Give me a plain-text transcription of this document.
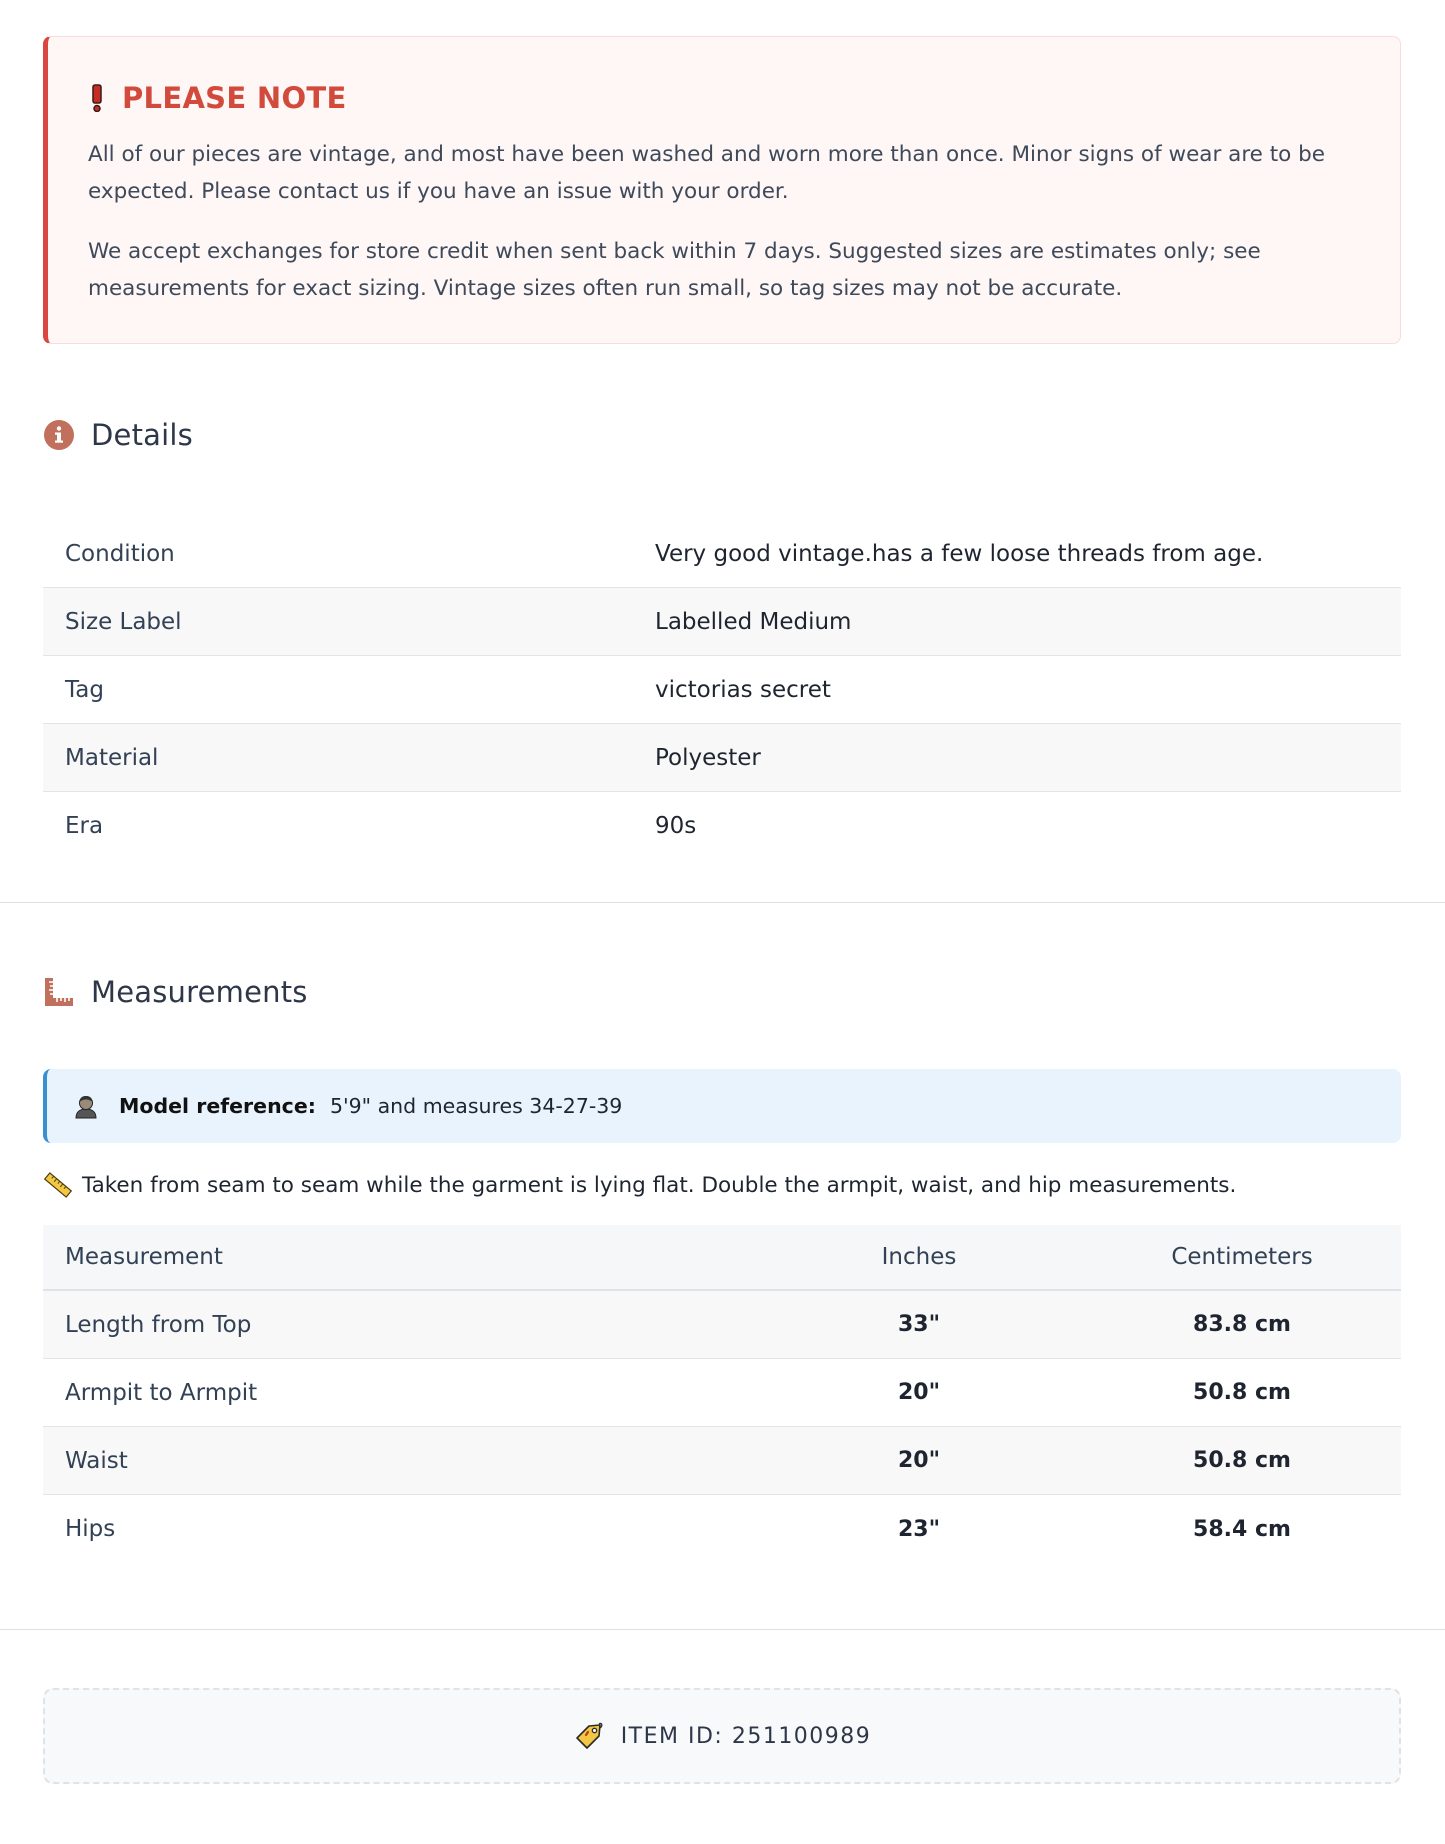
PLEASE NOTE

All of our pieces are vintage, and most have been washed and worn more than once. Minor signs of wear are to be expected. Please contact us if you have an issue with your order.

We accept exchanges for store credit when sent back within 7 days. Suggested sizes are estimates only; see measurements for exact sizing. Vintage sizes often run small, so tag sizes may not be accurate.

Details
Condition	Very good vintage.has a few loose threads from age.
Size Label	Labelled Medium
Tag	victorias secret
Material	Polyester
Era	90s
Measurements
Model reference: 5'9" and measures 34-27-39
Taken from seam to seam while the garment is lying flat. Double the armpit, waist, and hip measurements.
Measurement	Inches	Centimeters
Length from Top	33"	83.8 cm
Armpit to Armpit	20"	50.8 cm
Waist	20"	50.8 cm
Hips	23"	58.4 cm
ITEM ID: 251100989
